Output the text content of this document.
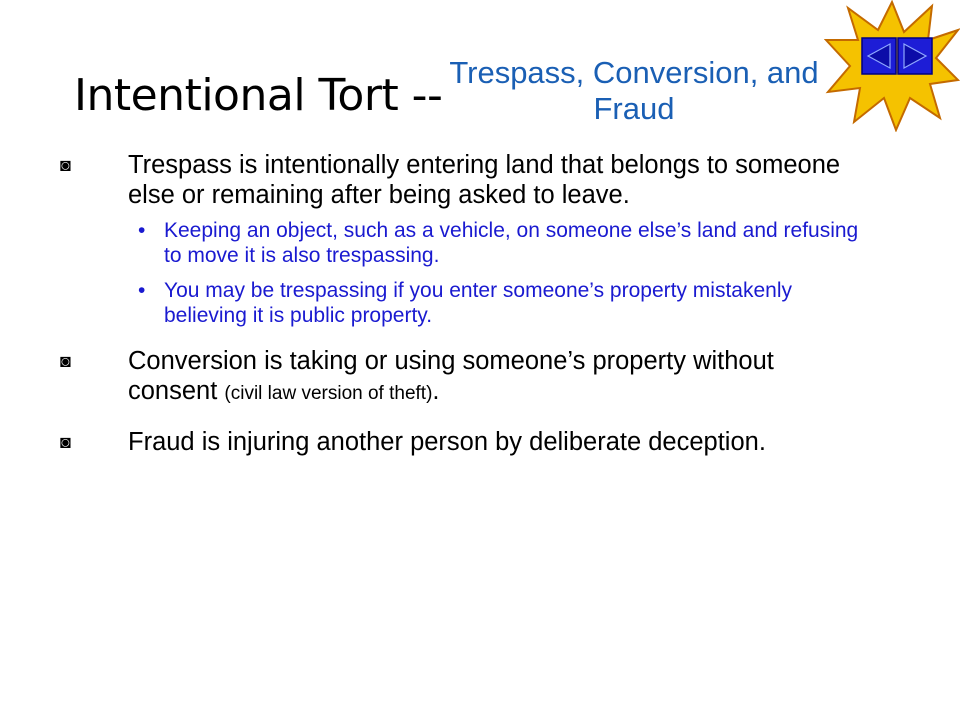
Intentional Tort -- Trespass, Conversion, and Fraud
◙	Trespass is intentionally entering land that belongs to someone else or remaining after being asked to leave.
• Keeping an object, such as a vehicle, on someone else’s land and refusing to move it is also trespassing.
• You may be trespassing if you enter someone’s property mistakenly believing it is public property.
◙	Conversion is taking or using someone’s property without consent (civil law version of theft).
◙	Fraud is injuring another person by deliberate deception.
